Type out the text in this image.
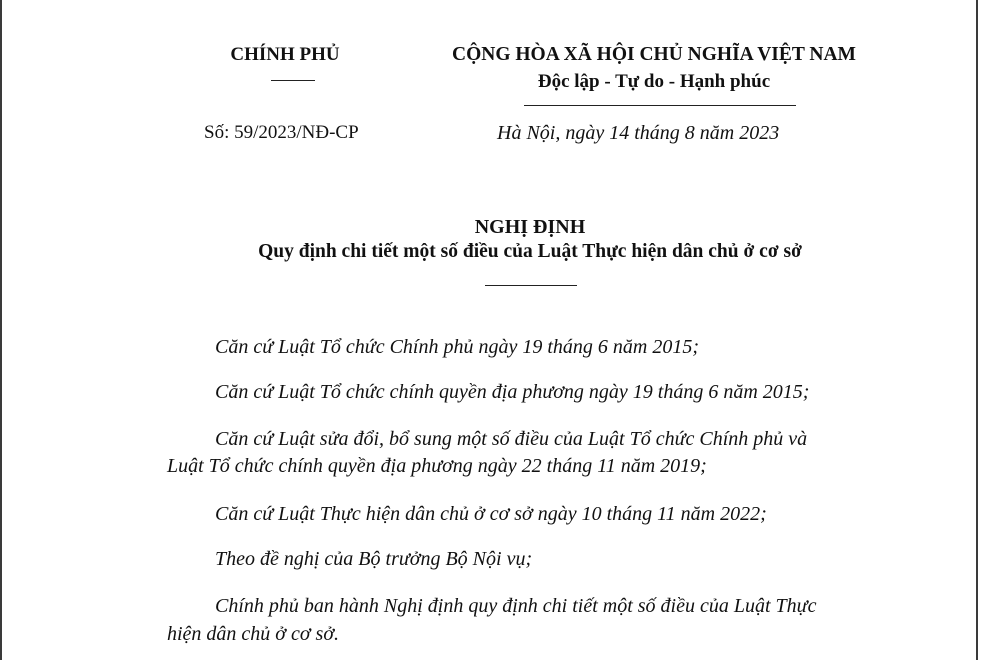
CHÍNH PHỦ	CỘNG HÒA XÃ HỘI CHỦ NGHĨA VIỆT NAM
Độc lập - Tự do - Hạnh phúc
Số: 59/2023/NĐ-CP	Hà Nội, ngày 14 tháng 8 năm 2023
NGHỊ ĐỊNH
Quy định chi tiết một số điều của Luật Thực hiện dân chủ ở cơ sở
Căn cứ Luật Tổ chức Chính phủ ngày 19 tháng 6 năm 2015;
Căn cứ Luật Tổ chức chính quyền địa phương ngày 19 tháng 6 năm 2015;
Căn cứ Luật sửa đổi, bổ sung một số điều của Luật Tổ chức Chính phủ và
Luật Tổ chức chính quyền địa phương ngày 22 tháng 11 năm 2019;
Căn cứ Luật Thực hiện dân chủ ở cơ sở ngày 10 tháng 11 năm 2022;
Theo đề nghị của Bộ trưởng Bộ Nội vụ;
Chính phủ ban hành Nghị định quy định chi tiết một số điều của Luật Thực
hiện dân chủ ở cơ sở.
